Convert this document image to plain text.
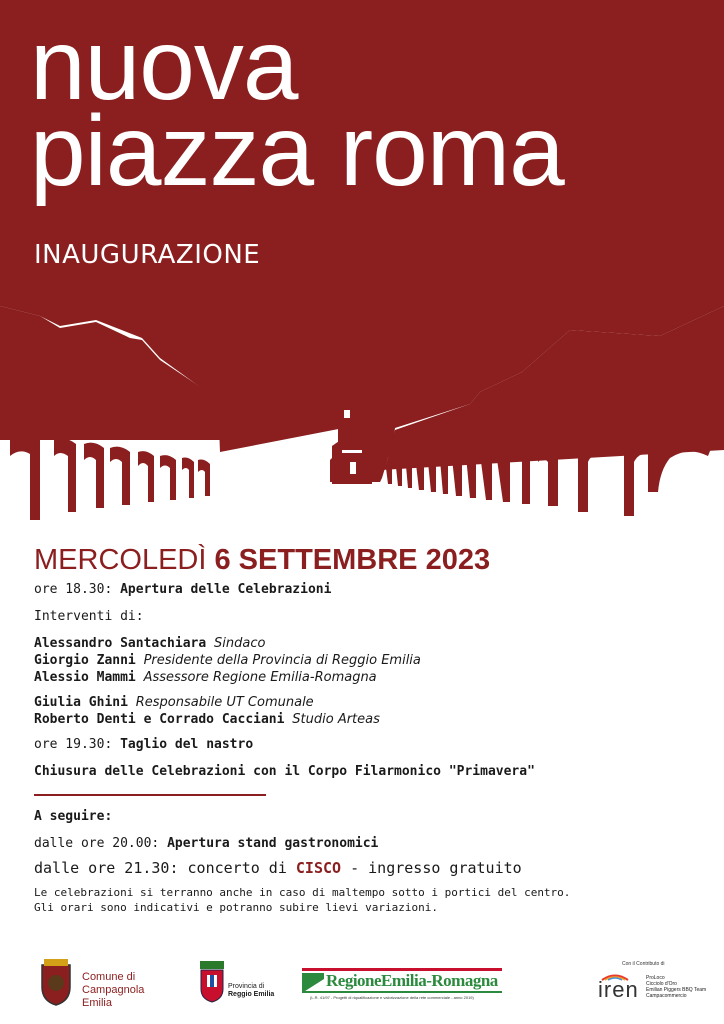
nuova
piazza roma
INAUGURAZIONE
MERCOLEDÌ 6 SETTEMBRE 2023
ore 18.30: Apertura delle Celebrazioni
Interventi di:
Alessandro Santachiara Sindaco
Giorgio Zanni Presidente della Provincia di Reggio Emilia
Alessio Mammi Assessore Regione Emilia-Romagna
Giulia Ghini Responsabile UT Comunale
Roberto Denti e Corrado Cacciani Studio Arteas
ore 19.30: Taglio del nastro
Chiusura delle Celebrazioni con il Corpo Filarmonico "Primavera"
A seguire:
dalle ore 20.00: Apertura stand gastronomici
dalle ore 21.30: concerto di CISCO - ingresso gratuito
Le celebrazioni si terranno anche in caso di maltempo sotto i portici del centro.
Gli orari sono indicativi e potranno subire lievi variazioni.
Comune di
Campagnola Emilia
Provincia di
Reggio Emilia
RegioneEmilia-Romagna
(L.R. 41/97 - Progetti di riqualificazione e valorizzazione della rete commerciale - anno 2019)
Con il Contributo di
iren ProLoco
Cicciolo d'Oro
Emilian Piggers BBQ Team
Campacommercio
